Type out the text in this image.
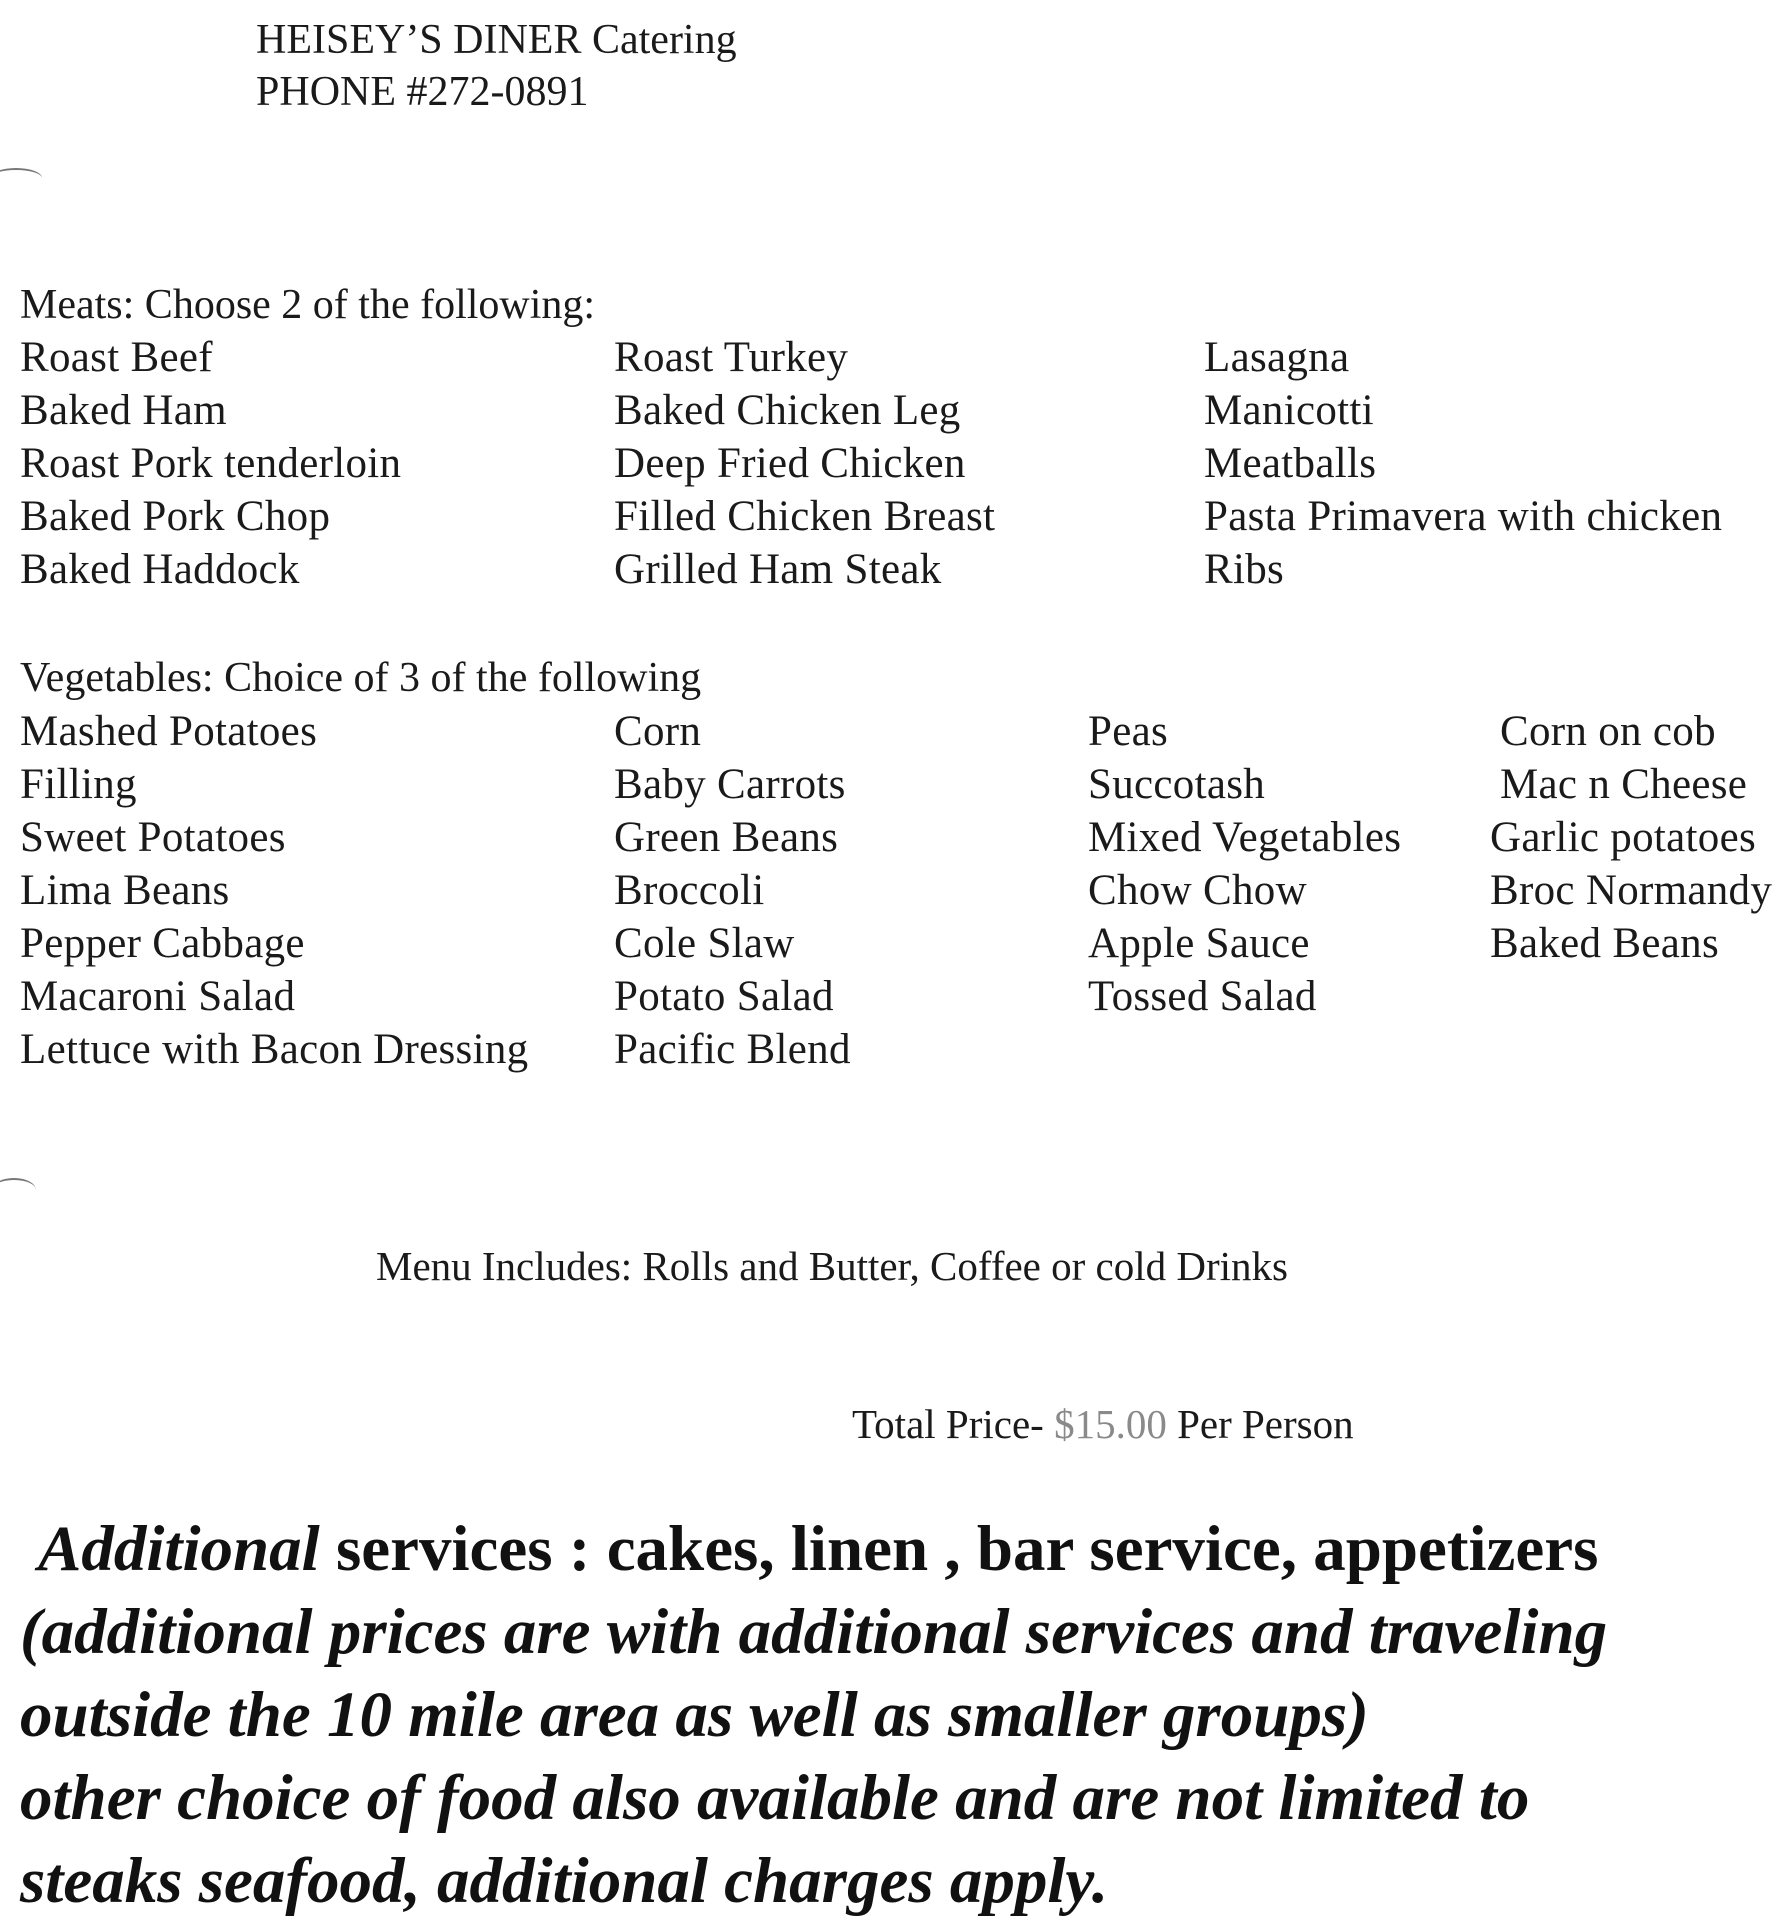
HEISEY’S DINER Catering
PHONE #272-0891
Meats: Choose 2 of the following:
Roast Beef
Baked Ham
Roast Pork tenderloin
Baked Pork Chop
Baked Haddock
Roast Turkey
Baked Chicken Leg
Deep Fried Chicken
Filled Chicken Breast
Grilled Ham Steak
Lasagna
Manicotti
Meatballs
Pasta Primavera with chicken
Ribs
Vegetables: Choice of 3 of the following
Mashed Potatoes
Filling
Sweet Potatoes
Lima Beans
Pepper Cabbage
Macaroni Salad
Lettuce with Bacon Dressing
Corn
Baby Carrots
Green Beans
Broccoli
Cole Slaw
Potato Salad
Pacific Blend
Peas
Succotash
Mixed Vegetables
Chow Chow
Apple Sauce
Tossed Salad
Corn on cob
Mac n Cheese
Garlic potatoes
Broc Normandy
Baked Beans
Menu Includes: Rolls and Butter, Coffee or cold Drinks
Total Price- $15.00 Per Person
Additional services : cakes, linen , bar service, appetizers
(additional prices are with additional services and traveling
outside the 10 mile area as well as smaller groups)
other choice of food also available and are not limited to
steaks seafood, additional charges apply.
